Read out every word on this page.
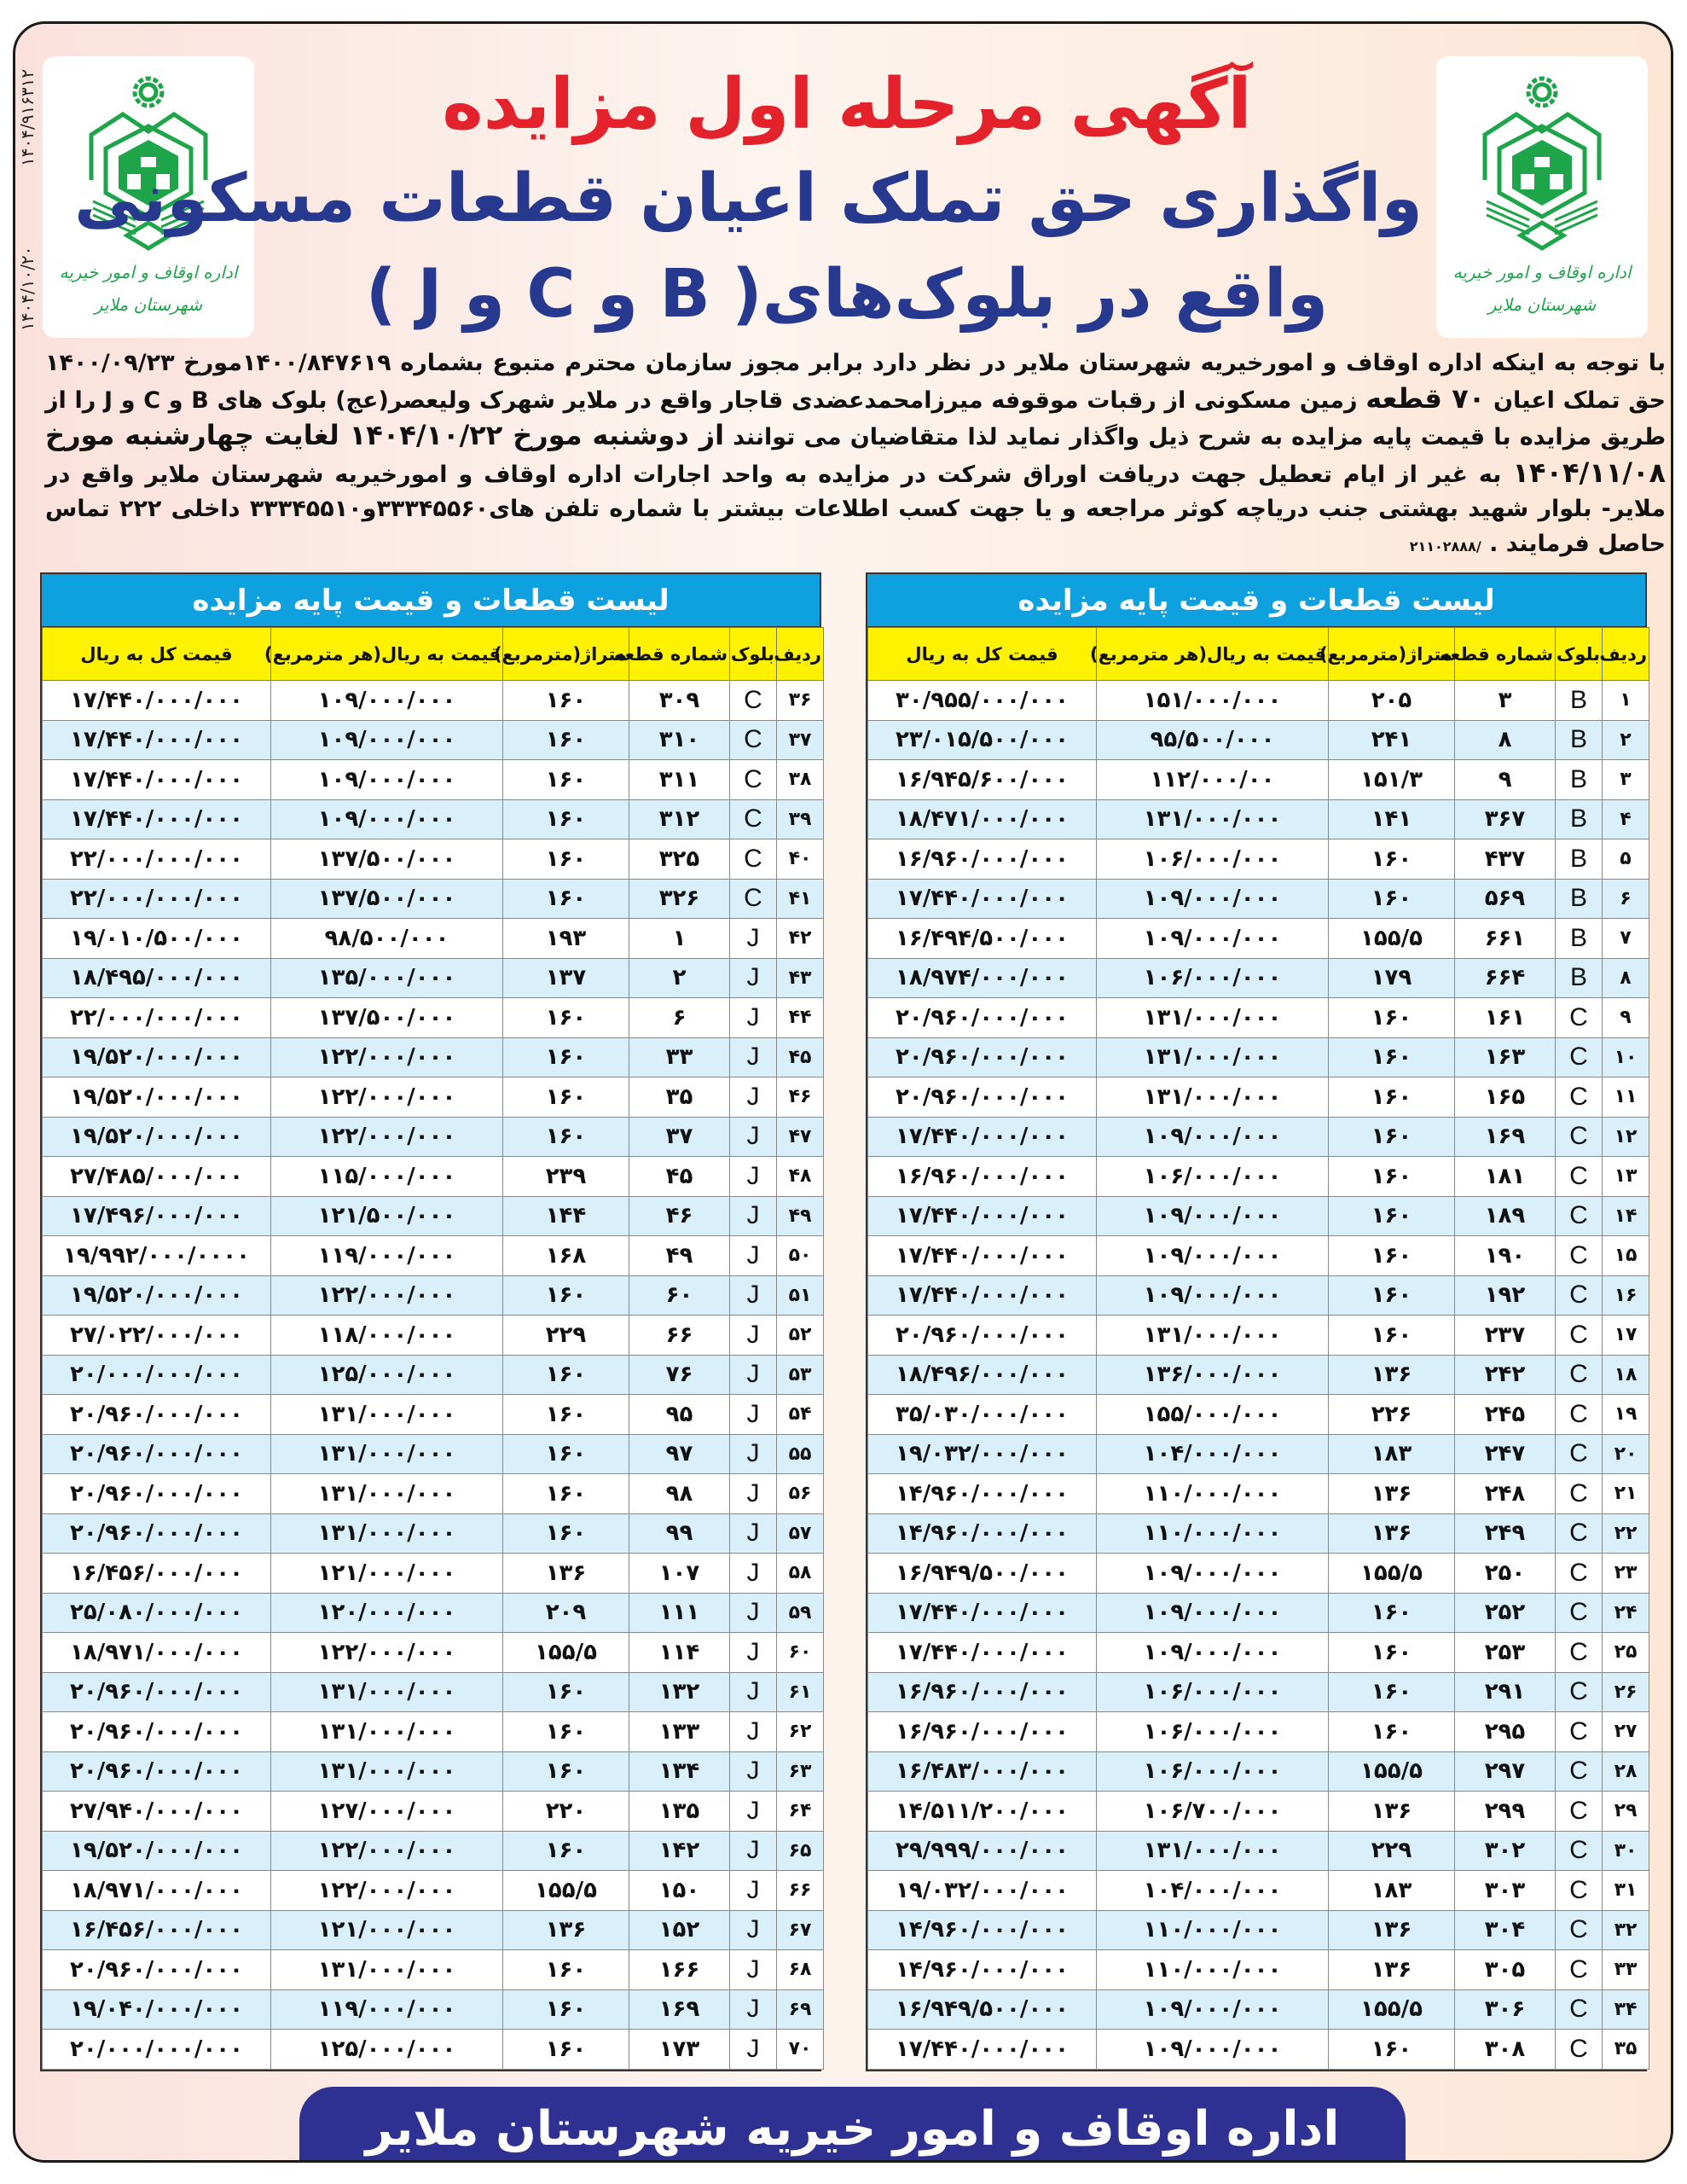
۱۴۰۴/۹۱۶۳۱۲
۱۴۰۴/۱۰/۲۰	اداره اوقاف و امور خیریه
شهرستان ملایر
اداره اوقاف و امور خیریه
شهرستان ملایر
آگهی مرحله اول مزایده
واگذاری حق تملک اعیان قطعات مسکونی
واقع در بلوک‌های( B و C و J )
با توجه به اینکه اداره اوقاف و امورخیریه شهرستان ملایر در نظر دارد برابر مجوز سازمان محترم متبوع بشماره ۱۴۰۰/۸۴۷۶۱۹مورخ ۱۴۰۰/۰۹/۲۳ حق تملک اعیان ۷۰ قطعه زمین مسکونی از رقبات موقوفه میرزامحمدعضدی قاجار واقع در ملایر شهرک ولیعصر(عج) بلوک های B و C و J را از طریق مزایده با قیمت پایه مزایده به شرح ذیل واگذار نماید لذا متقاضیان می توانند از دوشنبه مورخ ۱۴۰۴/۱۰/۲۲ لغایت چهارشنبه مورخ ۱۴۰۴/۱۱/۰۸ به غیر از ایام تعطیل جهت دریافت اوراق شرکت در مزایده به واحد اجارات اداره اوقاف و امورخیریه شهرستان ملایر واقع در ملایر- بلوار شهید بهشتی جنب دریاچه کوثر مراجعه و یا جهت کسب اطلاعات بیشتر با شماره تلفن های۳۳۳۴۵۵۶۰و۳۳۳۴۵۵۱۰ داخلی ۲۲۲ تماس حاصل فرمایند . /۲۱۱۰۲۸۸۸
لیست قطعات و قیمت پایه مزایده
ردیف	بلوک	شماره قطعه	متراژ(مترمربع)	قیمت به ریال(هر مترمربع)	قیمت کل به ریال
۱	B	۳	۲۰۵	۱۵۱/۰۰۰/۰۰۰	۳۰/۹۵۵/۰۰۰/۰۰۰
۲	B	۸	۲۴۱	۹۵/۵۰۰/۰۰۰	۲۳/۰۱۵/۵۰۰/۰۰۰
۳	B	۹	۱۵۱/۳	۱۱۲/۰۰۰/۰۰	۱۶/۹۴۵/۶۰۰/۰۰۰
۴	B	۳۶۷	۱۴۱	۱۳۱/۰۰۰/۰۰۰	۱۸/۴۷۱/۰۰۰/۰۰۰
۵	B	۴۳۷	۱۶۰	۱۰۶/۰۰۰/۰۰۰	۱۶/۹۶۰/۰۰۰/۰۰۰
۶	B	۵۶۹	۱۶۰	۱۰۹/۰۰۰/۰۰۰	۱۷/۴۴۰/۰۰۰/۰۰۰
۷	B	۶۶۱	۱۵۵/۵	۱۰۹/۰۰۰/۰۰۰	۱۶/۴۹۴/۵۰۰/۰۰۰
۸	B	۶۶۴	۱۷۹	۱۰۶/۰۰۰/۰۰۰	۱۸/۹۷۴/۰۰۰/۰۰۰
۹	C	۱۶۱	۱۶۰	۱۳۱/۰۰۰/۰۰۰	۲۰/۹۶۰/۰۰۰/۰۰۰
۱۰	C	۱۶۳	۱۶۰	۱۳۱/۰۰۰/۰۰۰	۲۰/۹۶۰/۰۰۰/۰۰۰
۱۱	C	۱۶۵	۱۶۰	۱۳۱/۰۰۰/۰۰۰	۲۰/۹۶۰/۰۰۰/۰۰۰
۱۲	C	۱۶۹	۱۶۰	۱۰۹/۰۰۰/۰۰۰	۱۷/۴۴۰/۰۰۰/۰۰۰
۱۳	C	۱۸۱	۱۶۰	۱۰۶/۰۰۰/۰۰۰	۱۶/۹۶۰/۰۰۰/۰۰۰
۱۴	C	۱۸۹	۱۶۰	۱۰۹/۰۰۰/۰۰۰	۱۷/۴۴۰/۰۰۰/۰۰۰
۱۵	C	۱۹۰	۱۶۰	۱۰۹/۰۰۰/۰۰۰	۱۷/۴۴۰/۰۰۰/۰۰۰
۱۶	C	۱۹۲	۱۶۰	۱۰۹/۰۰۰/۰۰۰	۱۷/۴۴۰/۰۰۰/۰۰۰
۱۷	C	۲۳۷	۱۶۰	۱۳۱/۰۰۰/۰۰۰	۲۰/۹۶۰/۰۰۰/۰۰۰
۱۸	C	۲۴۲	۱۳۶	۱۳۶/۰۰۰/۰۰۰	۱۸/۴۹۶/۰۰۰/۰۰۰
۱۹	C	۲۴۵	۲۲۶	۱۵۵/۰۰۰/۰۰۰	۳۵/۰۳۰/۰۰۰/۰۰۰
۲۰	C	۲۴۷	۱۸۳	۱۰۴/۰۰۰/۰۰۰	۱۹/۰۳۲/۰۰۰/۰۰۰
۲۱	C	۲۴۸	۱۳۶	۱۱۰/۰۰۰/۰۰۰	۱۴/۹۶۰/۰۰۰/۰۰۰
۲۲	C	۲۴۹	۱۳۶	۱۱۰/۰۰۰/۰۰۰	۱۴/۹۶۰/۰۰۰/۰۰۰
۲۳	C	۲۵۰	۱۵۵/۵	۱۰۹/۰۰۰/۰۰۰	۱۶/۹۴۹/۵۰۰/۰۰۰
۲۴	C	۲۵۲	۱۶۰	۱۰۹/۰۰۰/۰۰۰	۱۷/۴۴۰/۰۰۰/۰۰۰
۲۵	C	۲۵۳	۱۶۰	۱۰۹/۰۰۰/۰۰۰	۱۷/۴۴۰/۰۰۰/۰۰۰
۲۶	C	۲۹۱	۱۶۰	۱۰۶/۰۰۰/۰۰۰	۱۶/۹۶۰/۰۰۰/۰۰۰
۲۷	C	۲۹۵	۱۶۰	۱۰۶/۰۰۰/۰۰۰	۱۶/۹۶۰/۰۰۰/۰۰۰
۲۸	C	۲۹۷	۱۵۵/۵	۱۰۶/۰۰۰/۰۰۰	۱۶/۴۸۳/۰۰۰/۰۰۰
۲۹	C	۲۹۹	۱۳۶	۱۰۶/۷۰۰/۰۰۰	۱۴/۵۱۱/۲۰۰/۰۰۰
۳۰	C	۳۰۲	۲۲۹	۱۳۱/۰۰۰/۰۰۰	۲۹/۹۹۹/۰۰۰/۰۰۰
۳۱	C	۳۰۳	۱۸۳	۱۰۴/۰۰۰/۰۰۰	۱۹/۰۳۲/۰۰۰/۰۰۰
۳۲	C	۳۰۴	۱۳۶	۱۱۰/۰۰۰/۰۰۰	۱۴/۹۶۰/۰۰۰/۰۰۰
۳۳	C	۳۰۵	۱۳۶	۱۱۰/۰۰۰/۰۰۰	۱۴/۹۶۰/۰۰۰/۰۰۰
۳۴	C	۳۰۶	۱۵۵/۵	۱۰۹/۰۰۰/۰۰۰	۱۶/۹۴۹/۵۰۰/۰۰۰
۳۵	C	۳۰۸	۱۶۰	۱۰۹/۰۰۰/۰۰۰	۱۷/۴۴۰/۰۰۰/۰۰۰
لیست قطعات و قیمت پایه مزایده
ردیف	بلوک	شماره قطعه	متراژ(مترمربع)	قیمت به ریال(هر مترمربع)	قیمت کل به ریال
۳۶	C	۳۰۹	۱۶۰	۱۰۹/۰۰۰/۰۰۰	۱۷/۴۴۰/۰۰۰/۰۰۰
۳۷	C	۳۱۰	۱۶۰	۱۰۹/۰۰۰/۰۰۰	۱۷/۴۴۰/۰۰۰/۰۰۰
۳۸	C	۳۱۱	۱۶۰	۱۰۹/۰۰۰/۰۰۰	۱۷/۴۴۰/۰۰۰/۰۰۰
۳۹	C	۳۱۲	۱۶۰	۱۰۹/۰۰۰/۰۰۰	۱۷/۴۴۰/۰۰۰/۰۰۰
۴۰	C	۳۲۵	۱۶۰	۱۳۷/۵۰۰/۰۰۰	۲۲/۰۰۰/۰۰۰/۰۰۰
۴۱	C	۳۲۶	۱۶۰	۱۳۷/۵۰۰/۰۰۰	۲۲/۰۰۰/۰۰۰/۰۰۰
۴۲	J	۱	۱۹۳	۹۸/۵۰۰/۰۰۰	۱۹/۰۱۰/۵۰۰/۰۰۰
۴۳	J	۲	۱۳۷	۱۳۵/۰۰۰/۰۰۰	۱۸/۴۹۵/۰۰۰/۰۰۰
۴۴	J	۶	۱۶۰	۱۳۷/۵۰۰/۰۰۰	۲۲/۰۰۰/۰۰۰/۰۰۰
۴۵	J	۳۳	۱۶۰	۱۲۲/۰۰۰/۰۰۰	۱۹/۵۲۰/۰۰۰/۰۰۰
۴۶	J	۳۵	۱۶۰	۱۲۲/۰۰۰/۰۰۰	۱۹/۵۲۰/۰۰۰/۰۰۰
۴۷	J	۳۷	۱۶۰	۱۲۲/۰۰۰/۰۰۰	۱۹/۵۲۰/۰۰۰/۰۰۰
۴۸	J	۴۵	۲۳۹	۱۱۵/۰۰۰/۰۰۰	۲۷/۴۸۵/۰۰۰/۰۰۰
۴۹	J	۴۶	۱۴۴	۱۲۱/۵۰۰/۰۰۰	۱۷/۴۹۶/۰۰۰/۰۰۰
۵۰	J	۴۹	۱۶۸	۱۱۹/۰۰۰/۰۰۰	۱۹/۹۹۲/۰۰۰/۰۰۰۰
۵۱	J	۶۰	۱۶۰	۱۲۲/۰۰۰/۰۰۰	۱۹/۵۲۰/۰۰۰/۰۰۰
۵۲	J	۶۶	۲۲۹	۱۱۸/۰۰۰/۰۰۰	۲۷/۰۲۲/۰۰۰/۰۰۰
۵۳	J	۷۶	۱۶۰	۱۲۵/۰۰۰/۰۰۰	۲۰/۰۰۰/۰۰۰/۰۰۰
۵۴	J	۹۵	۱۶۰	۱۳۱/۰۰۰/۰۰۰	۲۰/۹۶۰/۰۰۰/۰۰۰
۵۵	J	۹۷	۱۶۰	۱۳۱/۰۰۰/۰۰۰	۲۰/۹۶۰/۰۰۰/۰۰۰
۵۶	J	۹۸	۱۶۰	۱۳۱/۰۰۰/۰۰۰	۲۰/۹۶۰/۰۰۰/۰۰۰
۵۷	J	۹۹	۱۶۰	۱۳۱/۰۰۰/۰۰۰	۲۰/۹۶۰/۰۰۰/۰۰۰
۵۸	J	۱۰۷	۱۳۶	۱۲۱/۰۰۰/۰۰۰	۱۶/۴۵۶/۰۰۰/۰۰۰
۵۹	J	۱۱۱	۲۰۹	۱۲۰/۰۰۰/۰۰۰	۲۵/۰۸۰/۰۰۰/۰۰۰
۶۰	J	۱۱۴	۱۵۵/۵	۱۲۲/۰۰۰/۰۰۰	۱۸/۹۷۱/۰۰۰/۰۰۰
۶۱	J	۱۳۲	۱۶۰	۱۳۱/۰۰۰/۰۰۰	۲۰/۹۶۰/۰۰۰/۰۰۰
۶۲	J	۱۳۳	۱۶۰	۱۳۱/۰۰۰/۰۰۰	۲۰/۹۶۰/۰۰۰/۰۰۰
۶۳	J	۱۳۴	۱۶۰	۱۳۱/۰۰۰/۰۰۰	۲۰/۹۶۰/۰۰۰/۰۰۰
۶۴	J	۱۳۵	۲۲۰	۱۲۷/۰۰۰/۰۰۰	۲۷/۹۴۰/۰۰۰/۰۰۰
۶۵	J	۱۴۲	۱۶۰	۱۲۲/۰۰۰/۰۰۰	۱۹/۵۲۰/۰۰۰/۰۰۰
۶۶	J	۱۵۰	۱۵۵/۵	۱۲۲/۰۰۰/۰۰۰	۱۸/۹۷۱/۰۰۰/۰۰۰
۶۷	J	۱۵۲	۱۳۶	۱۲۱/۰۰۰/۰۰۰	۱۶/۴۵۶/۰۰۰/۰۰۰
۶۸	J	۱۶۶	۱۶۰	۱۳۱/۰۰۰/۰۰۰	۲۰/۹۶۰/۰۰۰/۰۰۰
۶۹	J	۱۶۹	۱۶۰	۱۱۹/۰۰۰/۰۰۰	۱۹/۰۴۰/۰۰۰/۰۰۰
۷۰	J	۱۷۳	۱۶۰	۱۲۵/۰۰۰/۰۰۰	۲۰/۰۰۰/۰۰۰/۰۰۰
اداره اوقاف و امور خیریه شهرستان ملایر
